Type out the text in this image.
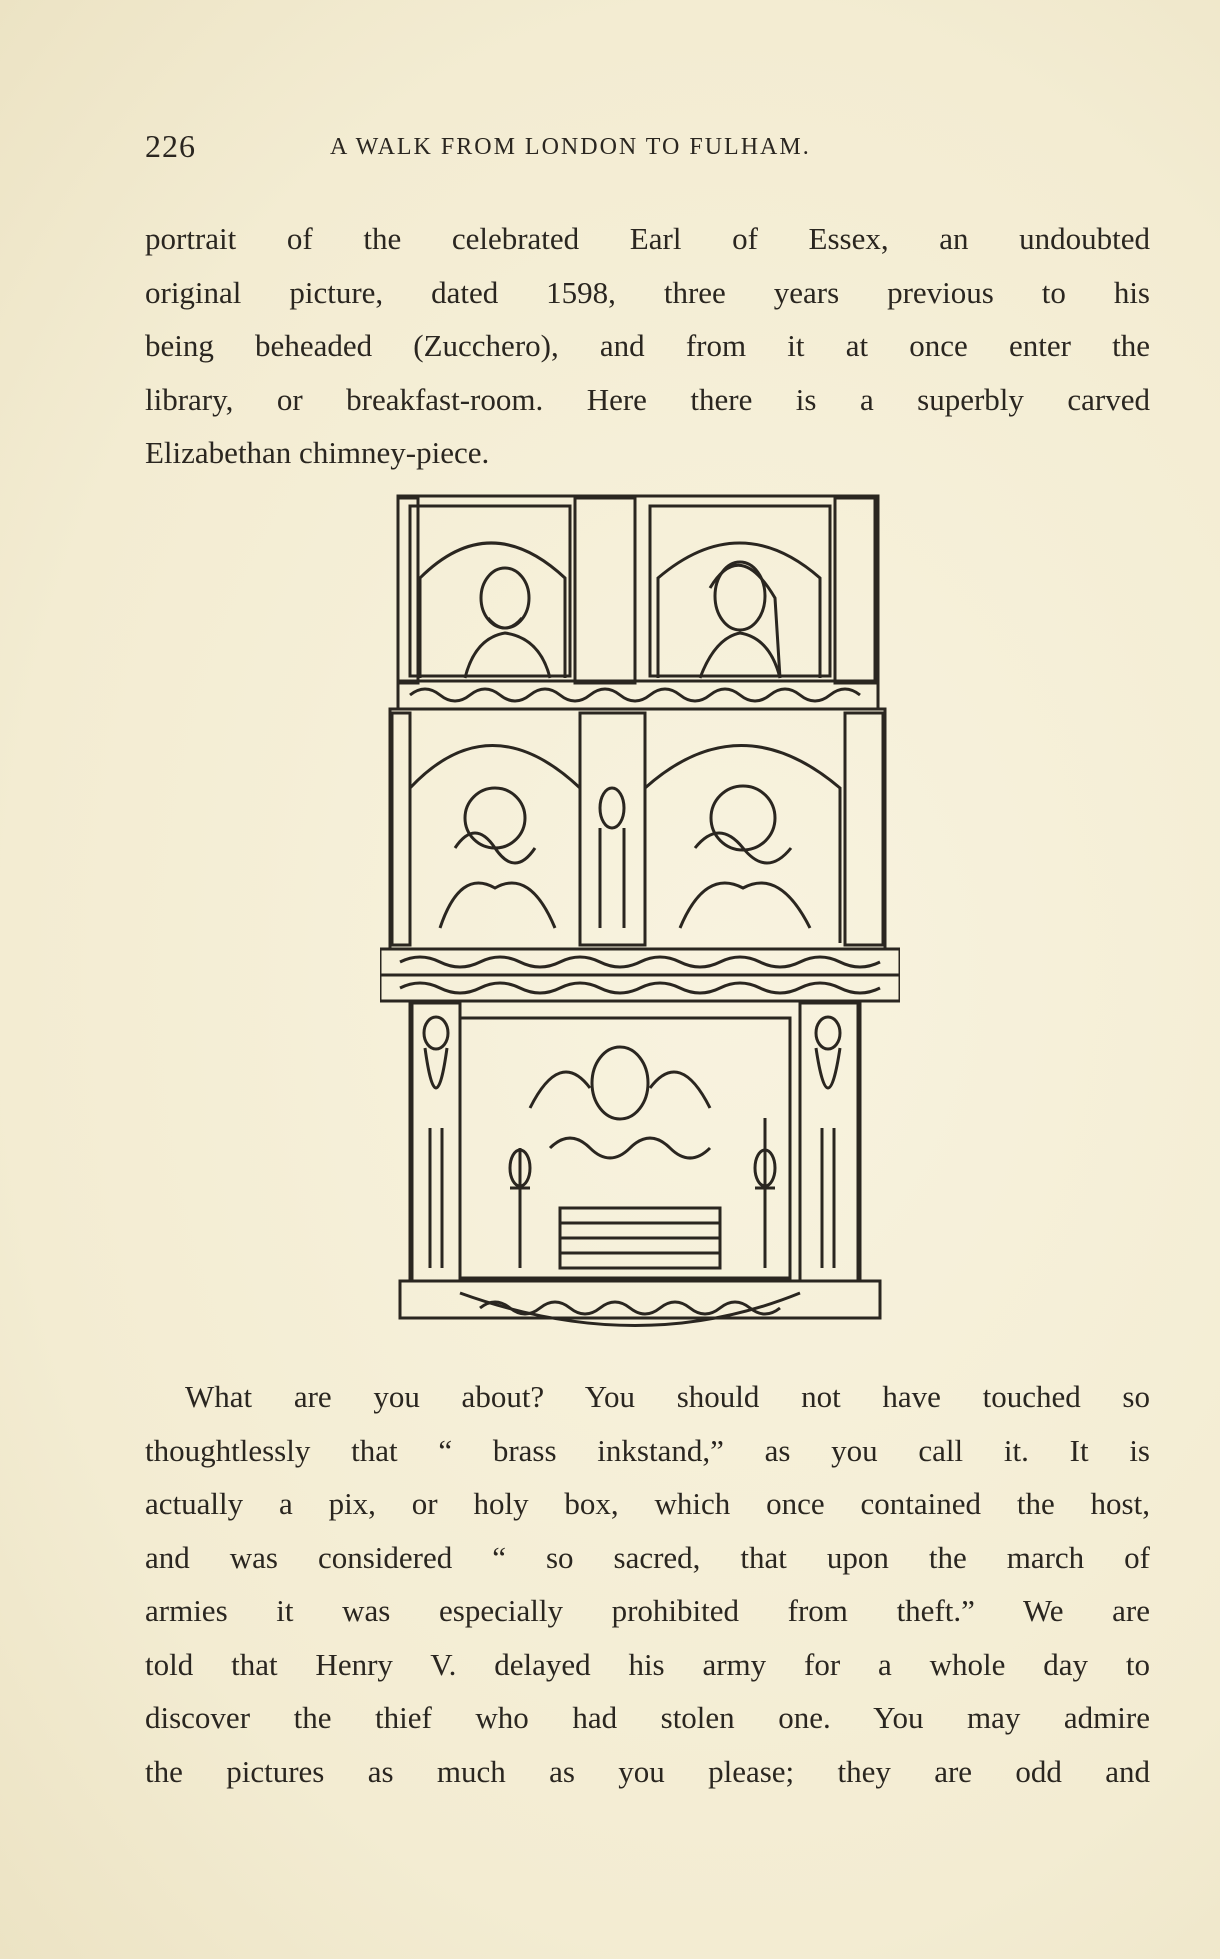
226	A WALK FROM LONDON TO FULHAM.
portrait of the celebrated Earl of Essex, an undoubted
original picture, dated 1598, three years previous to his
being beheaded (Zucchero), and from it at once enter the
library, or breakfast-room. Here there is a superbly carved
Elizabethan chimney-piece.
What are you about? You should not have touched so
thoughtlessly that “ brass inkstand,” as you call it. It is
actually a pix, or holy box, which once contained the host,
and was considered “ so sacred, that upon the march of
armies it was especially prohibited from theft.” We are
told that Henry V. delayed his army for a whole day to
discover the thief who had stolen one. You may admire
the pictures as much as you please; they are odd and
